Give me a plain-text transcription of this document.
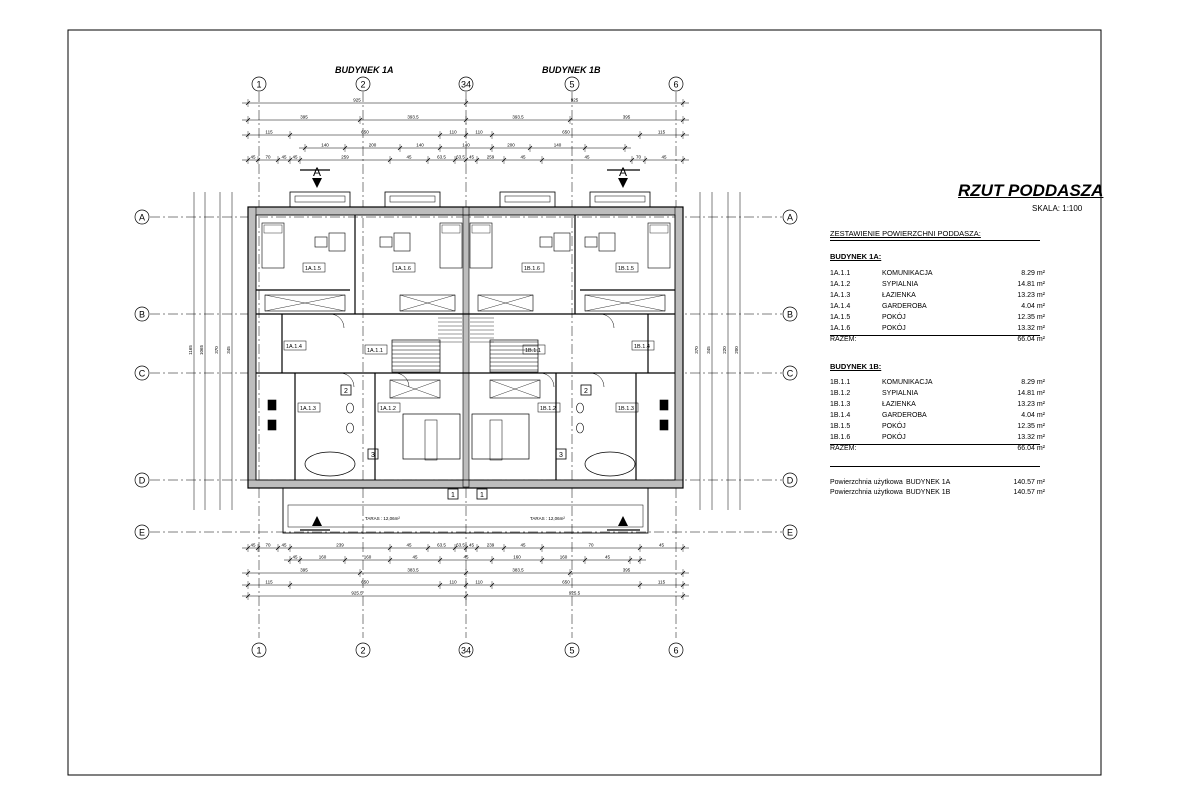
BUDYNEK 1A	BUDYNEK 1B
1
1
2
2
34
34
5
5
6
6
A	A
B	B
C	C
D	D
E	E
925	925
395	393.5	393.5	395
115	650	110	110	650	115
140	200	140	140	200	140
45 70 45 45	259	45	63.5 63.5 45	259	45	45	70	45
45 70 45	239	45	63.5 63.5 45	239	45	70	45
45	160	160	45	45	160	160	45
395	383.5	383.5	395
115	650	110	110	650	115
925.5	925.5
1165 1065 370 345	370 345 220 200
TARAS : 12,06m²	TARAS : 12,06m²
1A.1.5	1A.1.6
1A.1.4
1A.1.1
1A.1.3	1A.1.2
1B.1.6	1B.1.5
1B.1.4
1B.1.1
1B.1.3
1B.1.2
2	2
3	3
1	1
A	A
A	A
RZUT PODDASZA
SKALA: 1:100
ZESTAWIENIE POWIERZCHNI PODDASZA:
BUDYNEK 1A:
1A.1.1	KOMUNIKACJA	8.29 m²
1A.1.2	SYPIALNIA	14.81 m²
1A.1.3	ŁAZIENKA	13.23 m²
1A.1.4	GARDEROBA	4.04 m²
1A.1.5	POKÓJ	12.35 m²
1A.1.6	POKÓJ	13.32 m²
RAZEM:	66.04 m²
BUDYNEK 1B:
1B.1.1	KOMUNIKACJA	8.29 m²
1B.1.2	SYPIALNIA	14.81 m²
1B.1.3	ŁAZIENKA	13.23 m²
1B.1.4	GARDEROBA	4.04 m²
1B.1.5	POKÓJ	12.35 m²
1B.1.6	POKÓJ	13.32 m²
RAZEM:	66.04 m²
Powierzchnia użytkowa BUDYNEK 1A	140.57 m²
Powierzchnia użytkowa BUDYNEK 1B	140.57 m²
